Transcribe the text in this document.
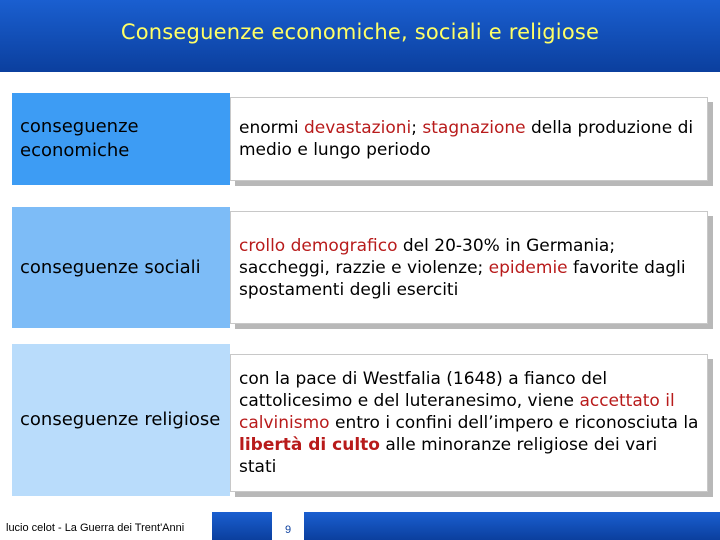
Conseguenze economiche, sociali e religiose
conseguenze economiche
enormi devastazioni; stagnazione della produzione di medio e lungo periodo
conseguenze sociali
crollo demografico del 20-30% in Germania; saccheggi, razzie e violenze; epidemie favorite dagli spostamenti degli eserciti
conseguenze religiose
con la pace di Westfalia (1648) a fianco del cattolicesimo e del luteranesimo, viene accettato il calvinismo entro i confini dell’impero e riconosciuta la libertà di culto alle minoranze religiose dei vari stati
lucio celot - La Guerra dei Trent'Anni	9
